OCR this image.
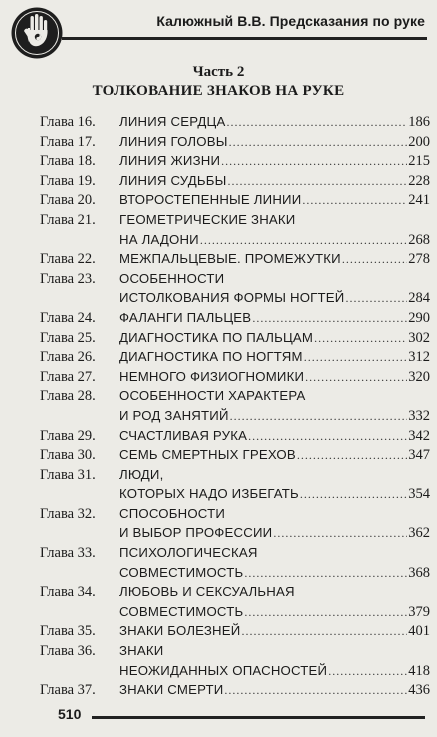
Калюжный В.В. Предсказания по руке
Часть 2
ТОЛКОВАНИЕ ЗНАКОВ НА РУКЕ
Глава 16.	ЛИНИЯ СЕРДЦА .....	186
Глава 17.	ЛИНИЯ ГОЛОВЫ .....	200
Глава 18.	ЛИНИЯ ЖИЗНИ .....	215
Глава 19.	ЛИНИЯ СУДЬБЫ .....	228
Глава 20.	ВТОРОСТЕПЕННЫЕ ЛИНИИ .....	241
Глава 21.	ГЕОМЕТРИЧЕСКИЕ ЗНАКИ
НА ЛАДОНИ .....	268
Глава 22.	МЕЖПАЛЬЦЕВЫЕ. ПРОМЕЖУТКИ .....	278
Глава 23.	ОСОБЕННОСТИ
ИСТОЛКОВАНИЯ ФОРМЫ НОГТЕЙ .....	284
Глава 24.	ФАЛАНГИ ПАЛЬЦЕВ .....	290
Глава 25.	ДИАГНОСТИКА ПО ПАЛЬЦАМ .....	302
Глава 26.	ДИАГНОСТИКА ПО НОГТЯМ .....	312
Глава 27.	НЕМНОГО ФИЗИОГНОМИКИ .....	320
Глава 28.	ОСОБЕННОСТИ ХАРАКТЕРА
И РОД ЗАНЯТИЙ .....	332
Глава 29.	СЧАСТЛИВАЯ РУКА .....	342
Глава 30.	СЕМЬ СМЕРТНЫХ ГРЕХОВ .....	347
Глава 31.	ЛЮДИ,
КОТОРЫХ НАДО ИЗБЕГАТЬ .....	354
Глава 32.	СПОСОБНОСТИ
И ВЫБОР ПРОФЕССИИ .....	362
Глава 33.	ПСИХОЛОГИЧЕСКАЯ
СОВМЕСТИМОСТЬ .....	368
Глава 34.	ЛЮБОВЬ И СЕКСУАЛЬНАЯ
СОВМЕСТИМОСТЬ .....	379
Глава 35.	ЗНАКИ БОЛЕЗНЕЙ .....	401
Глава 36.	ЗНАКИ
НЕОЖИДАННЫХ ОПАСНОСТЕЙ .....	418
Глава 37.	ЗНАКИ СМЕРТИ .....	436
510
